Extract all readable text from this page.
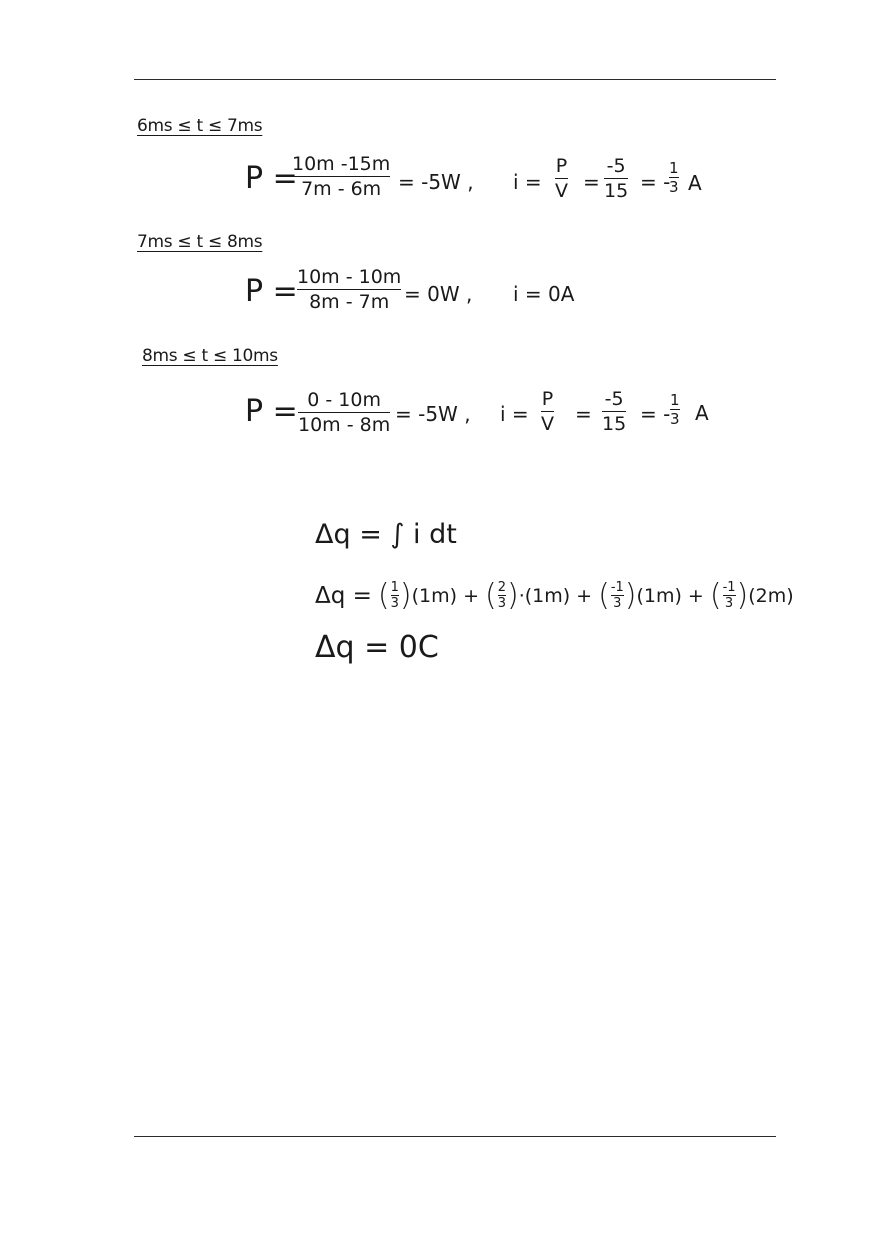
6ms ≤ t ≤ 7ms
P =
10m -15m
7m - 6m = -5W , i =
P
V =
-5
15 = -
1
3 A
7ms ≤ t ≤ 8ms
P = 10m - 10m
8m - 7m = 0W , i = 0A
8ms ≤ t ≤ 10ms
P = 0 - 10m
10m - 8m = -5W , i =
P
V =
-5
15 = -
1
3 A
Δq = ∫ i dt
Δq = ( 1
3 ) (1m) + ( 2
3 ) ·(1m) + ( -1
3 ) (1m) + ( -1
3 ) (2m)
Δq = 0C
